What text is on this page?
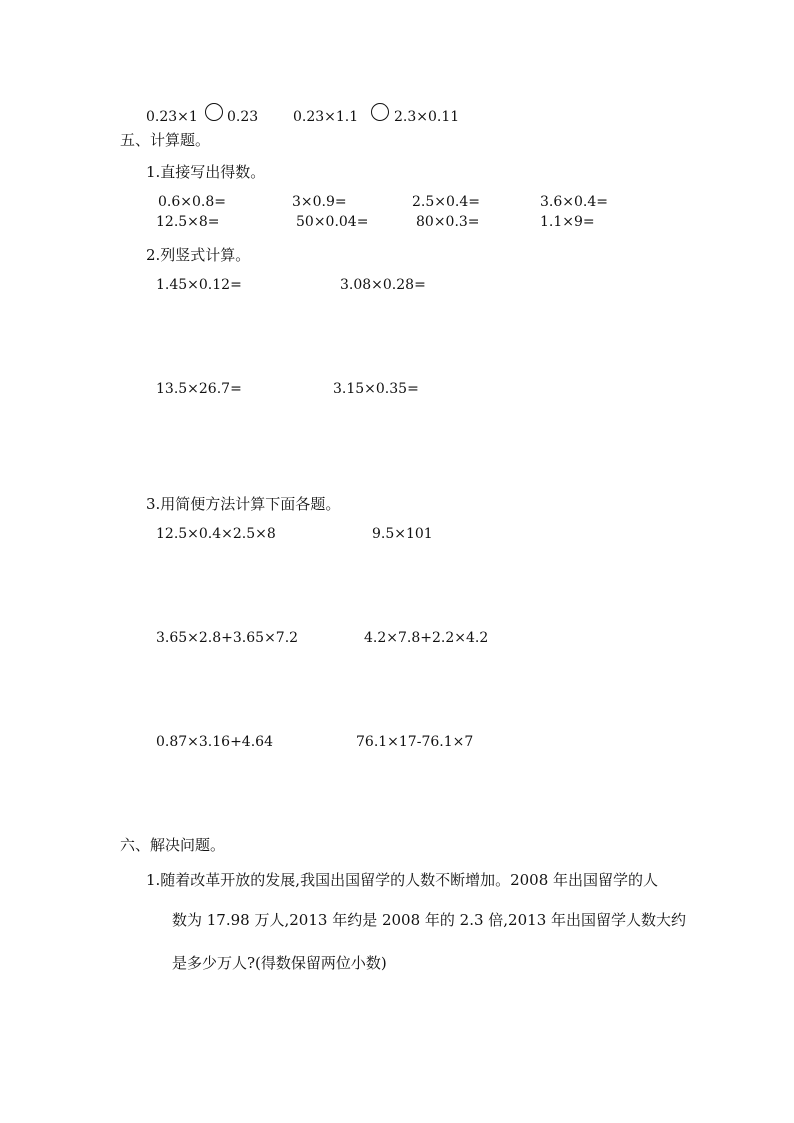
0.23×1 0.23 0.23×1.1	2.3×0.11
五、计算题。
1.直接写出得数。
0.6×0.8=	3×0.9=	2.5×0.4=	3.6×0.4=
12.5×8=	50×0.04=	80×0.3=	1.1×9=
2.列竖式计算。
1.45×0.12=	3.08×0.28=
13.5×26.7=	3.15×0.35=
3.用简便方法计算下面各题。
12.5×0.4×2.5×8	9.5×101
3.65×2.8+3.65×7.2	4.2×7.8+2.2×4.2
0.87×3.16+4.64	76.1×17-76.1×7
六、解决问题。
1.随着改革开放的发展,我国出国留学的人数不断增加。2008 年出国留学的人
数为 17.98 万人,2013 年约是 2008 年的 2.3 倍,2013 年出国留学人数大约
是多少万人?(得数保留两位小数)
